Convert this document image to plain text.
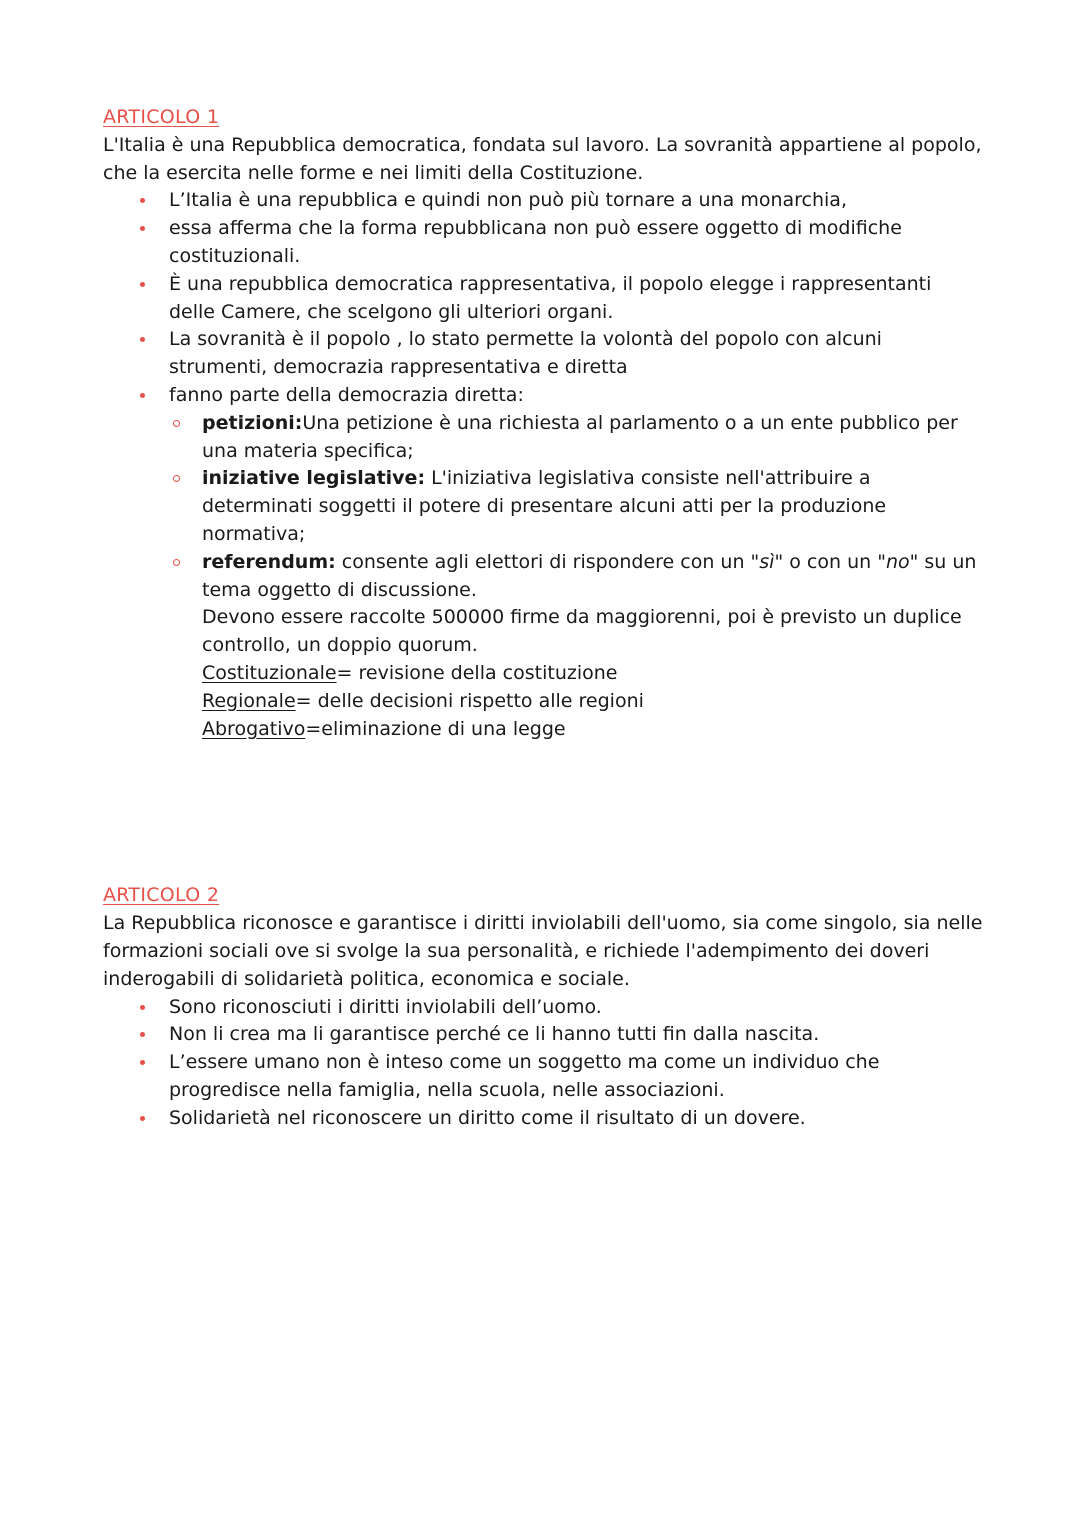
ARTICOLO 1

L'Italia è una Repubblica democratica, fondata sul lavoro. La sovranità appartiene al popolo, che la esercita nelle forme e nei limiti della Costituzione.

L’Italia è una repubblica e quindi non può più tornare a una monarchia,
essa afferma che la forma repubblicana non può essere oggetto di modifiche costituzionali.
È una repubblica democratica rappresentativa, il popolo elegge i rappresentanti delle Camere, che scelgono gli ulteriori organi.
La sovranità è il popolo , lo stato permette la volontà del popolo con alcuni strumenti, democrazia rappresentativa e diretta
fanno parte della democrazia diretta:
petizioni:Una petizione è una richiesta al parlamento o a un ente pubblico per una materia specifica;
iniziative legislative: L'iniziativa legislativa consiste nell'attribuire a determinati soggetti il potere di presentare alcuni atti per la produzione normativa;
referendum: consente agli elettori di rispondere con un "sì" o con un "no" su un tema oggetto di discussione.
Devono essere raccolte 500000 firme da maggiorenni, poi è previsto un duplice controllo, un doppio quorum.
Costituzionale= revisione della costituzione
Regionale= delle decisioni rispetto alle regioni
Abrogativo=eliminazione di una legge
ARTICOLO 2

La Repubblica riconosce e garantisce i diritti inviolabili dell'uomo, sia come singolo, sia nelle formazioni sociali ove si svolge la sua personalità, e richiede l'adempimento dei doveri inderogabili di solidarietà politica, economica e sociale.

Sono riconosciuti i diritti inviolabili dell’uomo.
Non li crea ma li garantisce perché ce li hanno tutti fin dalla nascita.
L’essere umano non è inteso come un soggetto ma come un individuo che progredisce nella famiglia, nella scuola, nelle associazioni.
Solidarietà nel riconoscere un diritto come il risultato di un dovere.
